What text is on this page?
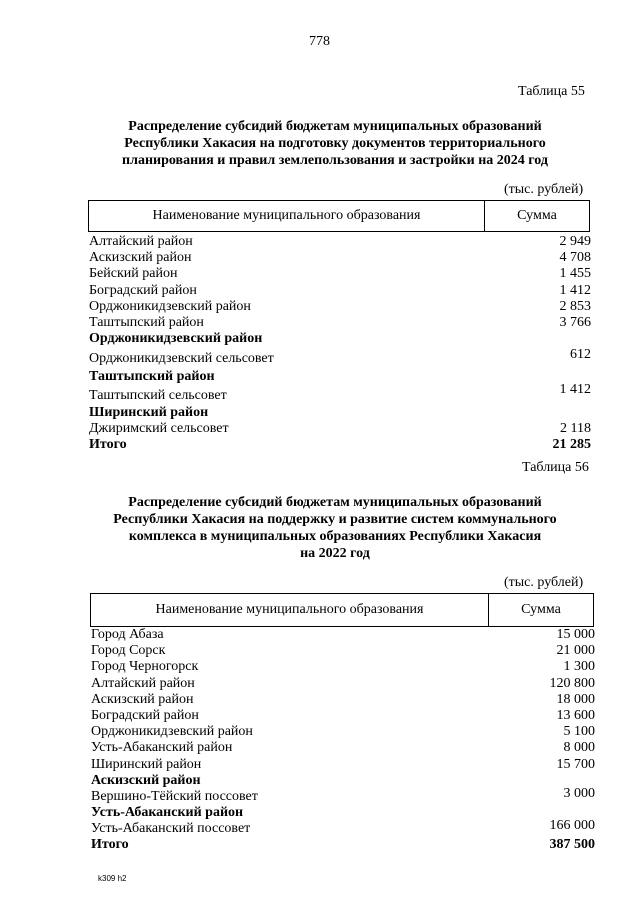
778
Таблица 55
Распределение субсидий бюджетам муниципальных образований
Республики Хакасия на подготовку документов территориального
планирования и правил землепользования и застройки на 2024 год
(тыс. рублей)
Наименование муниципального образования	Сумма
Алтайский район	2 949
Аскизский район	4 708
Бейский район	1 455
Боградский район	1 412
Орджоникидзевский район	2 853
Таштыпский район	3 766
Орджоникидзевский район
Орджоникидзевский сельсовет	612
Таштыпский район
Таштыпский сельсовет	1 412
Ширинский район
Джиримский сельсовет	2 118
Итого	21 285
Таблица 56
Распределение субсидий бюджетам муниципальных образований
Республики Хакасия на поддержку и развитие систем коммунального
комплекса в муниципальных образованиях Республики Хакасия
на 2022 год
(тыс. рублей)
Наименование муниципального образования	Сумма
Город Абаза	15 000
Город Сорск	21 000
Город Черногорск	1 300
Алтайский район	120 800
Аскизский район	18 000
Боградский район	13 600
Орджоникидзевский район	5 100
Усть-Абаканский район	8 000
Ширинский район	15 700
Аскизский район
Вершино-Тёйский поссовет	3 000
Усть-Абаканский район
Усть-Абаканский поссовет	166 000
Итого	387 500
k309 h2
